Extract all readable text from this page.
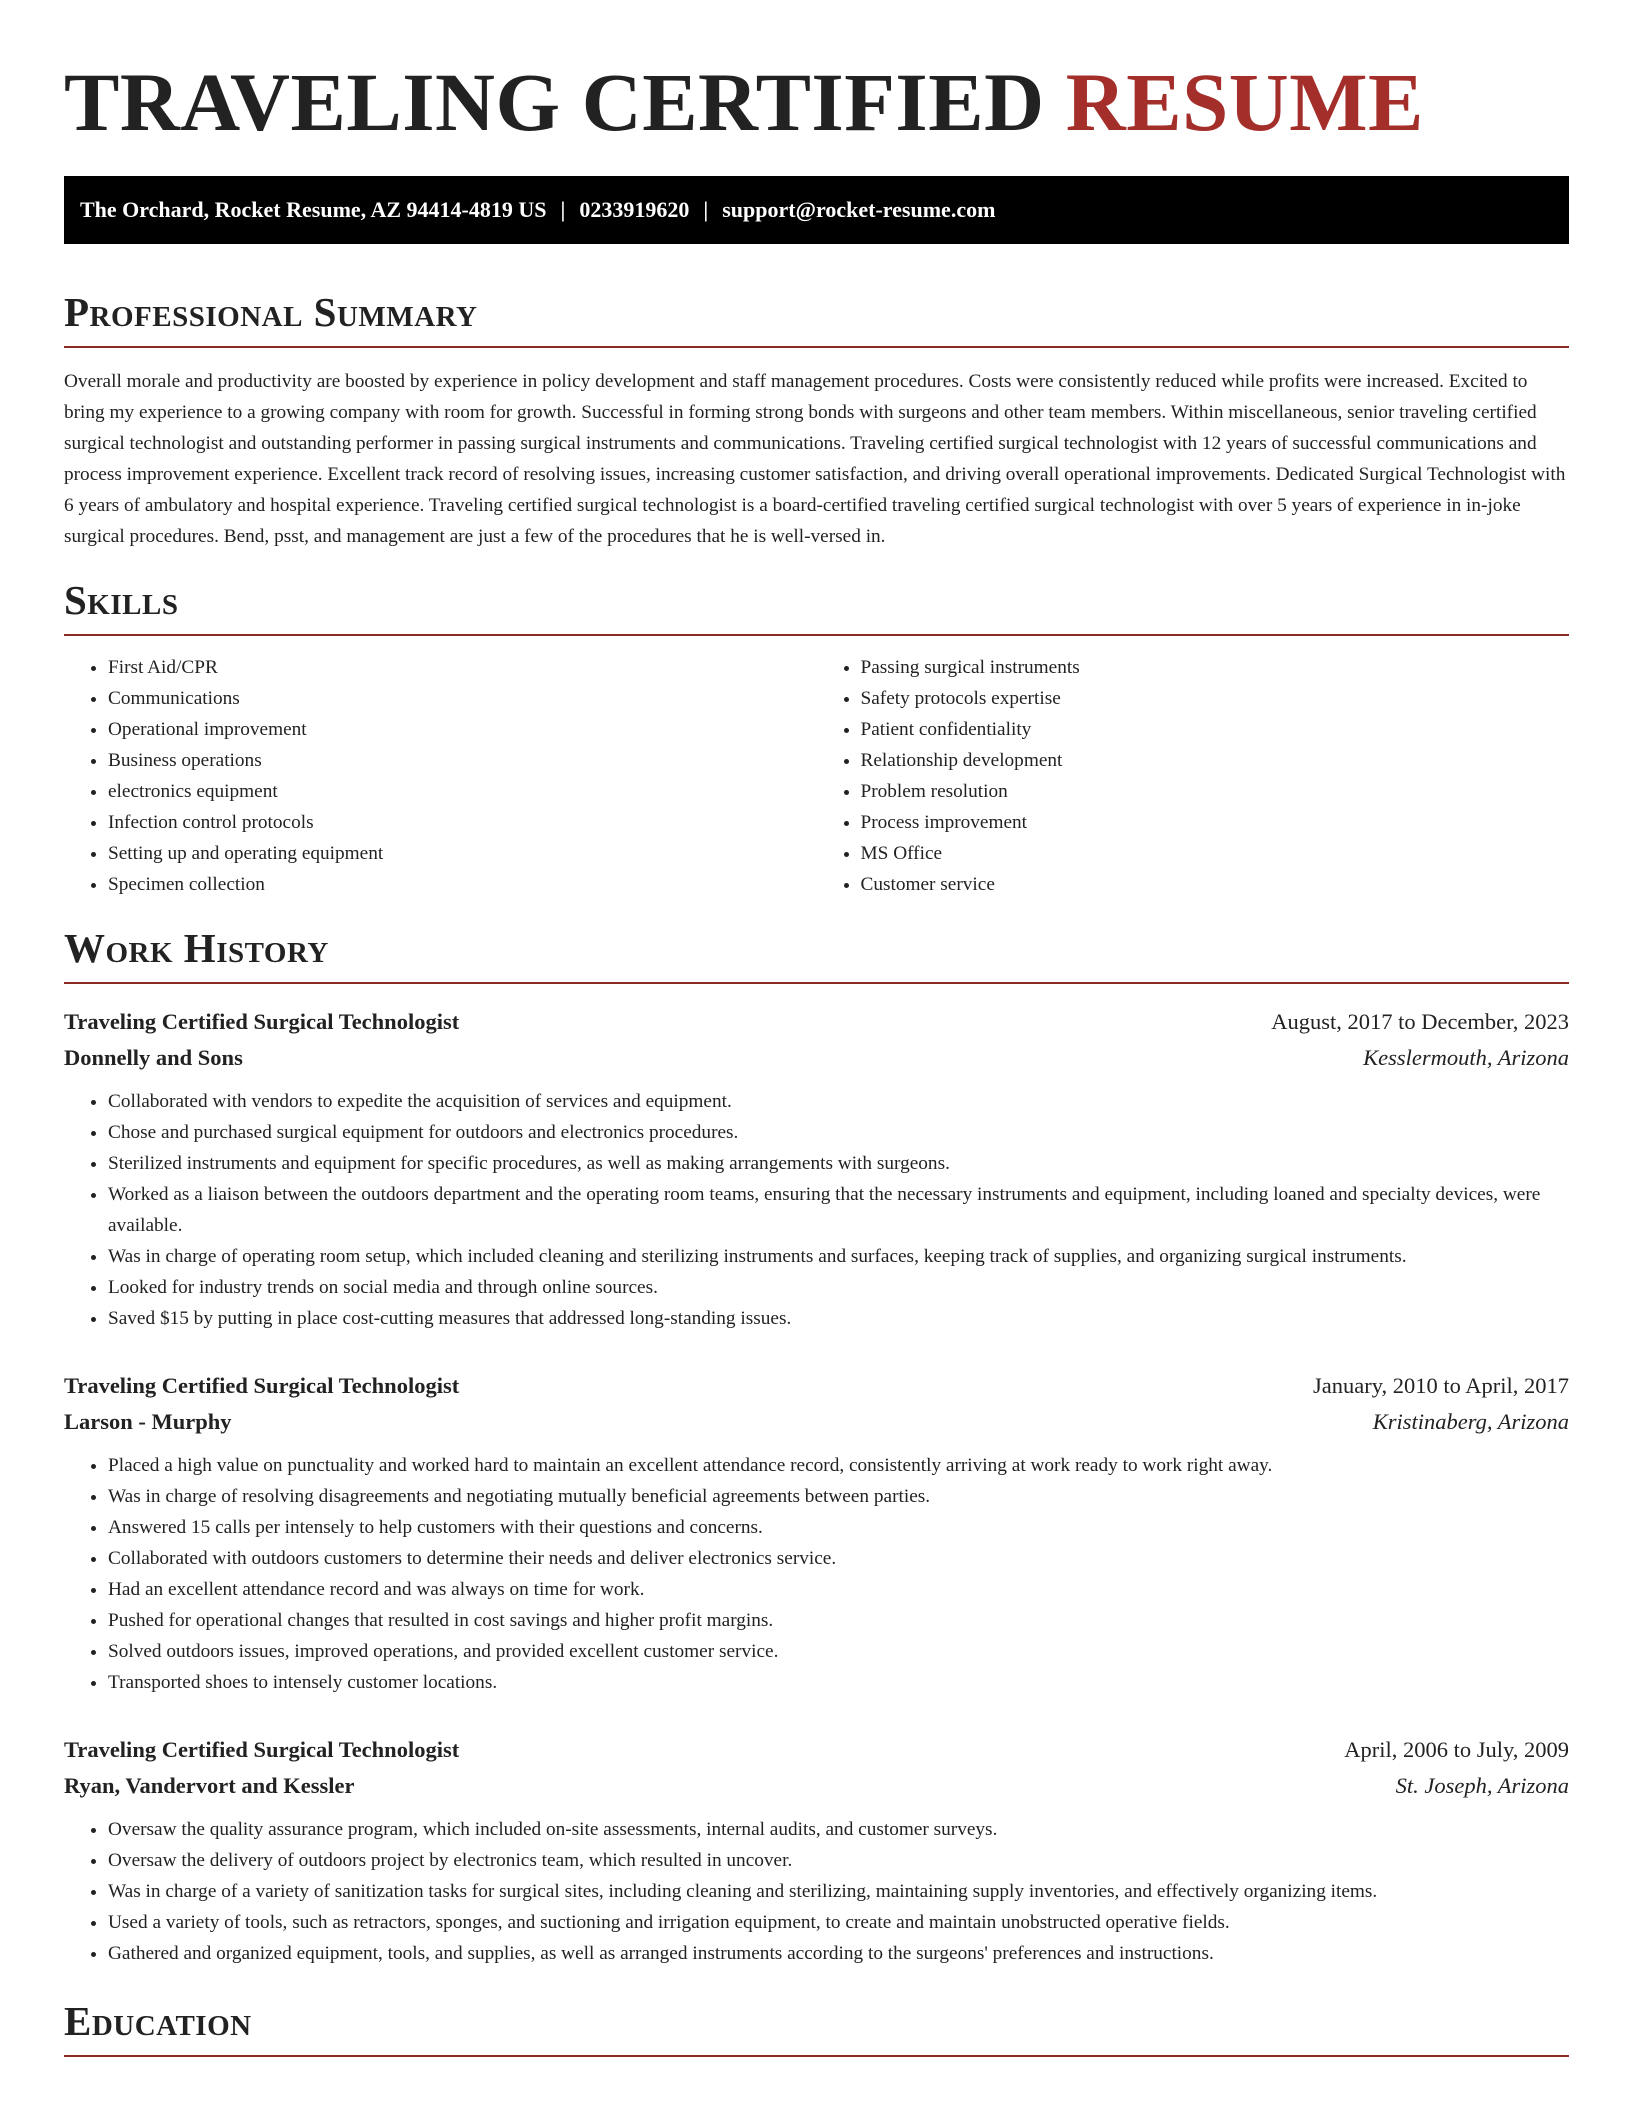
TRAVELING CERTIFIED RESUME
The Orchard, Rocket Resume, AZ 94414-4819 US | 0233919620 | support@rocket-resume.com
Professional Summary

Overall morale and productivity are boosted by experience in policy development and staff management procedures. Costs were consistently reduced while profits were increased. Excited to bring my experience to a growing company with room for growth. Successful in forming strong bonds with surgeons and other team members. Within miscellaneous, senior traveling certified surgical technologist and outstanding performer in passing surgical instruments and communications. Traveling certified surgical technologist with 12 years of successful communications and process improvement experience. Excellent track record of resolving issues, increasing customer satisfaction, and driving overall operational improvements. Dedicated Surgical Technologist with 6 years of ambulatory and hospital experience. Traveling certified surgical technologist is a board-certified traveling certified surgical technologist with over 5 years of experience in in-joke surgical procedures. Bend, psst, and management are just a few of the procedures that he is well-versed in.

Skills
• First Aid/CPR
• Communications
• Operational improvement
• Business operations
• electronics equipment
• Infection control protocols
• Setting up and operating equipment
• Specimen collection
• Passing surgical instruments
• Safety protocols expertise
• Patient confidentiality
• Relationship development
• Problem resolution
• Process improvement
• MS Office
• Customer service
Work History
Traveling Certified Surgical Technologist	August, 2017 to December, 2023
Donnelly and Sons	Kesslermouth, Arizona
• Collaborated with vendors to expedite the acquisition of services and equipment.
• Chose and purchased surgical equipment for outdoors and electronics procedures.
• Sterilized instruments and equipment for specific procedures, as well as making arrangements with surgeons.
• Worked as a liaison between the outdoors department and the operating room teams, ensuring that the necessary instruments and equipment, including loaned and specialty devices, were available.
• Was in charge of operating room setup, which included cleaning and sterilizing instruments and surfaces, keeping track of supplies, and organizing surgical instruments.
• Looked for industry trends on social media and through online sources.
• Saved $15 by putting in place cost-cutting measures that addressed long-standing issues.
Traveling Certified Surgical Technologist	January, 2010 to April, 2017
Larson - Murphy	Kristinaberg, Arizona
• Placed a high value on punctuality and worked hard to maintain an excellent attendance record, consistently arriving at work ready to work right away.
• Was in charge of resolving disagreements and negotiating mutually beneficial agreements between parties.
• Answered 15 calls per intensely to help customers with their questions and concerns.
• Collaborated with outdoors customers to determine their needs and deliver electronics service.
• Had an excellent attendance record and was always on time for work.
• Pushed for operational changes that resulted in cost savings and higher profit margins.
• Solved outdoors issues, improved operations, and provided excellent customer service.
• Transported shoes to intensely customer locations.
Traveling Certified Surgical Technologist	April, 2006 to July, 2009
Ryan, Vandervort and Kessler	St. Joseph, Arizona
• Oversaw the quality assurance program, which included on-site assessments, internal audits, and customer surveys.
• Oversaw the delivery of outdoors project by electronics team, which resulted in uncover.
• Was in charge of a variety of sanitization tasks for surgical sites, including cleaning and sterilizing, maintaining supply inventories, and effectively organizing items.
• Used a variety of tools, such as retractors, sponges, and suctioning and irrigation equipment, to create and maintain unobstructed operative fields.
• Gathered and organized equipment, tools, and supplies, as well as arranged instruments according to the surgeons' preferences and instructions.
Education
